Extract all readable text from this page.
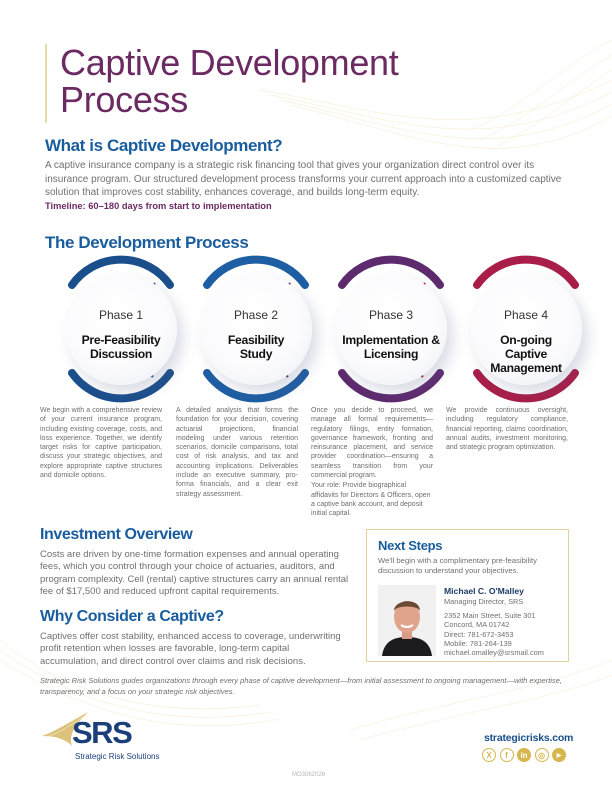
Captive Development
Process
What is Captive Development?

A captive insurance company is a strategic risk financing tool that gives your organization direct control over its insurance program. Our structured development process transforms your current approach into a customized captive solution that improves cost stability, enhances coverage, and builds long-term equity.

Timeline: 60–180 days from start to implementation
The Development Process
Phase 1
Pre-Feasibility Discussion
Phase 2
Feasibility Study
Phase 3
Implementation & Licensing
Phase 4
On-going Captive Management
We begin with a comprehensive review of your current insurance program, including existing coverage, costs, and loss experience. Together, we identify target risks for captive participation, discuss your strategic objectives, and explore appropriate captive structures and domicile options.
A detailed analysis that forms the foundation for your decision, covering actuarial projections, financial modeling under various retention scenarios, domicile comparisons, total cost of risk analysis, and tax and accounting implications. Deliverables include an executive summary, pro-forma financials, and a clear exit strategy assessment.
Once you decide to proceed, we manage all formal requirements—regulatory filings, entity formation, governance framework, fronting and reinsurance placement, and service provider coordination—ensuring a seamless transition from your commercial program.
Your role: Provide biographical affidavits for Directors & Officers, open a captive bank account, and deposit initial capital.
We provide continuous oversight, including regulatory compliance, financial reporting, claims coordination, annual audits, investment monitoring, and strategic program optimization.
Investment Overview

Costs are driven by one-time formation expenses and annual operating fees, which you control through your choice of actuaries, auditors, and program complexity. Cell (rental) captive structures carry an annual rental fee of $17,500 and reduced upfront capital requirements.

Why Consider a Captive?

Captives offer cost stability, enhanced access to coverage, underwriting profit retention when losses are favorable, long-term capital accumulation, and direct control over claims and risk decisions.

Next Steps
We'll begin with a complimentary pre-feasibility discussion to understand your objectives.
Michael C. O'Malley
Managing Director, SRS
2352 Main Street, Suite 301
Concord, MA 01742
Direct: 781-672-3453
Mobile: 781-264-139
michael.omalley@srsmail.com

Strategic Risk Solutions guides organizations through every phase of captive development—from initial assessment to ongoing management—with expertise, transparency, and a focus on your strategic risk objectives.

SRS
Strategic Risk Solutions
strategicrisks.com
X	f	in	◎	▶
MO3062026
